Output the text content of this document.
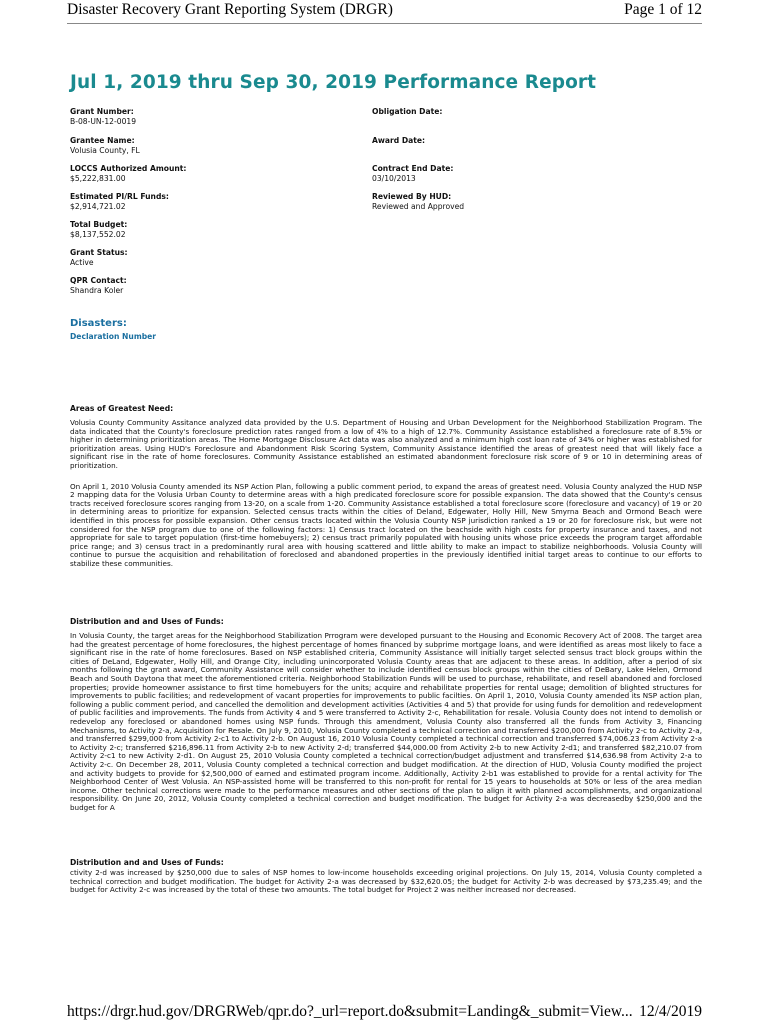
Disaster Recovery Grant Reporting System (DRGR)	Page 1 of 12
Jul 1, 2019 thru Sep 30, 2019 Performance Report
Grant Number:
B-08-UN-12-0019
Grantee Name:
Volusia County, FL
LOCCS Authorized Amount:
$5,222,831.00
Estimated PI/RL Funds:
$2,914,721.02
Total Budget:
$8,137,552.02
Grant Status:
Active
QPR Contact:
Shandra Koler
Obligation Date:
Award Date:
Contract End Date:
03/10/2013
Reviewed By HUD:
Reviewed and Approved
Disasters:
Declaration Number
Areas of Greatest Need:

Volusia County Community Assitance analyzed data provided by the U.S. Department of Housing and Urban Development for the Neighborhood Stabilization Program. The data indicated that the County's foreclosure prediction rates ranged from a low of 4% to a high of 12.7%. Community Assistance established a foreclosure rate of 8.5% or higher in determining prioritization areas. The Home Mortgage Disclosure Act data was also analyzed and a minimum high cost loan rate of 34% or higher was established for prioritization areas. Using HUD's Foreclosure and Abandonment Risk Scoring System, Community Assistance identified the areas of greatest need that will likely face a significant rise in the rate of home foreclosures. Community Assistance established an estimated abandonment foreclosure risk score of 9 or 10 in determining areas of prioritization.

On April 1, 2010 Volusia County amended its NSP Action Plan, following a public comment period, to expand the areas of greatest need. Volusia County analyzed the HUD NSP 2 mapping data for the Volusia Urban County to determine areas with a high predicated foreclosure score for possible expansion. The data showed that the County's census tracts received foreclosure scores ranging from 13-20, on a scale from 1-20. Community Assistance established a total foreclosure score (foreclosure and vacancy) of 19 or 20 in determining areas to prioritize for expansion. Selected census tracts within the cities of Deland, Edgewater, Holly Hill, New Smyrna Beach and Ormond Beach were identified in this process for possible expansion. Other census tracts located within the Volusia County NSP jurisdiction ranked a 19 or 20 for foreclosure risk, but were not considered for the NSP program due to one of the following factors: 1) Census tract located on the beachside with high costs for property insurance and taxes, and not appropriate for sale to target population (first-time homebuyers); 2) census tract primarily populated with housing units whose price exceeds the program target affordable price range; and 3) census tract in a predominantly rural area with housing scattered and little ability to make an impact to stabilize neighborhoods. Volusia County will continue to pursue the acquisition and rehabilitation of foreclosed and abandoned properties in the previously identified initial target areas to continue to our efforts to stabilize these communities.

Distribution and and Uses of Funds:

In Volusia County, the target areas for the Neighborhood Stabilization Prrogram were developed pursuant to the Housing and Economic Recovery Act of 2008. The target area had the greatest percentage of home foreclosures, the highest percentage of homes financed by subprime mortgage loans, and were identified as areas most likely to face a significant rise in the rate of home foreclosures. Based on NSP established criteria, Community Assistance will initially target selected sensus tract block groups within the cities of DeLand, Edgewater, Holly Hill, and Orange City, including unincorporated Volusia County areas that are adjacent to these areas. In addition, after a period of six months following the grant award, Community Assistance will consider whether to include identified census block groups within the cities of DeBary, Lake Helen, Ormond Beach and South Daytona that meet the aforementioned criteria. Neighborhood Stabilization Funds will be used to purchase, rehabilitate, and resell abandoned and forclosed properties; provide homeowner assistance to first time homebuyers for the units; acquire and rehabilitate properties for rental usage; demolition of blighted structures for improvements to public facilities; and redevelopment of vacant properties for improvements to public facilties. On April 1, 2010, Volusia County amended its NSP action plan, following a public comment period, and cancelled the demolition and development activities (Activities 4 and 5) that provide for using funds for demolition and redevelopment of public facilities and improvements. The funds from Activity 4 and 5 were transferred to Activity 2-c, Rehabilitation for resale. Volusia County does not intend to demolish or redevelop any foreclosed or abandoned homes using NSP funds. Through this amendment, Volusia County also transferred all the funds from Activity 3, Financing Mechanisms, to Activity 2-a, Acquisition for Resale. On July 9, 2010, Volusia County completed a technical correction and transferred $200,000 from Activity 2-c to Activity 2-a, and transferred $299,000 from Activity 2-c1 to Activity 2-b. On August 16, 2010 Volusia County completed a technical correction and transferred $74,006.23 from Activity 2-a to Activity 2-c; transferred $216,896.11 from Activity 2-b to new Activity 2-d; transferred $44,000.00 from Activity 2-b to new Activity 2-d1; and transferred $82,210.07 from Activity 2-c1 to new Activity 2-d1. On August 25, 2010 Volusia County completed a technical correction/budget adjustment and transferred $14,636.98 from Activity 2-a to Activity 2-c. On December 28, 2011, Volusia County completed a technical correction and budget modification. At the direction of HUD, Volusia County modified the project and activity budgets to provide for $2,500,000 of earned and estimated program income. Additionally, Activity 2-b1 was established to provide for a rental activity for The Neighborhood Center of West Volusia. An NSP-assisted home will be transferred to this non-profit for rental for 15 years to households at 50% or less of the area median income. Other technical corrections were made to the performance measures and other sections of the plan to align it with planned accomplishments, and organizational responsibility. On June 20, 2012, Volusia County completed a technical correction and budget modification. The budget for Activity 2-a was decreasedby $250,000 and the budget for A

Distribution and and Uses of Funds:

ctivity 2-d was increased by $250,000 due to sales of NSP homes to low-income households exceeding original projections. On July 15, 2014, Volusia County completed a technical correction and budget modification. The budget for Activity 2-a was decreased by $32,620.05; the budget for Activity 2-b was decreased by $73,235.49; and the budget for Activity 2-c was increased by the total of these two amounts. The total budget for Project 2 was neither increased nor decreased.

https://drgr.hud.gov/DRGRWeb/qpr.do?_url=report.do&submit=Landing&_submit=View... 12/4/2019
